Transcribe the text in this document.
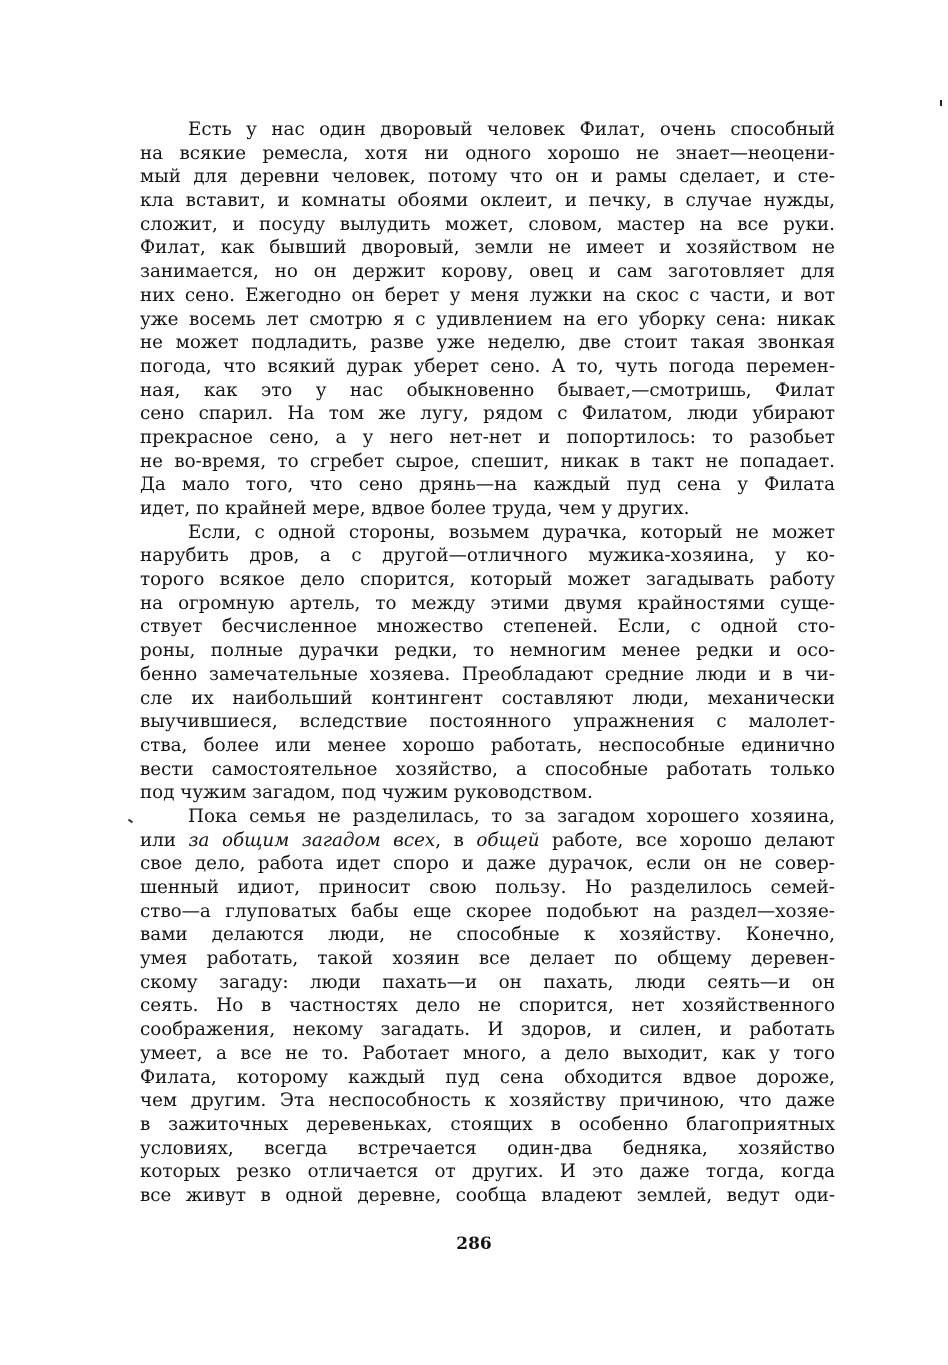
Есть у нас один дворовый человек Филат, очень способный
на всякие ремесла, хотя ни одного хорошо не знает—неоцени-
мый для деревни человек, потому что он и рамы сделает, и сте-
кла вставит, и комнаты обоями оклеит, и печку, в случае нужды,
сложит, и посуду вылудить может, словом, мастер на все руки.
Филат, как бывший дворовый, земли не имеет и хозяйством не
занимается, но он держит корову, овец и сам заготовляет для
них сено. Ежегодно он берет у меня лужки на скос с части, и вот
уже восемь лет смотрю я с удивлением на его уборку сена: никак
не может подладить, разве уже неделю, две стоит такая звонкая
погода, что всякий дурак уберет сено. А то, чуть погода перемен-
ная, как это у нас обыкновенно бывает,—смотришь, Филат
сено спарил. На том же лугу, рядом с Филатом, люди убирают
прекрасное сено, а у него нет-нет и попортилось: то разобьет
не во-время, то сгребет сырое, спешит, никак в такт не попадает.
Да мало того, что сено дрянь—на каждый пуд сена у Филата
идет, по крайней мере, вдвое более труда, чем у других.
Если, с одной стороны, возьмем дурачка, который не может
нарубить дров, а с другой—отличного мужика-хозяина, у ко-
торого всякое дело спорится, который может загадывать работу
на огромную артель, то между этими двумя крайностями суще-
ствует бесчисленное множество степеней. Если, с одной сто-
роны, полные дурачки редки, то немногим менее редки и осо-
бенно замечательные хозяева. Преобладают средние люди и в чи-
сле их наибольший контингент составляют люди, механически
выучившиеся, вследствие постоянного упражнения с малолет-
ства, более или менее хорошо работать, неспособные единично
вести самостоятельное хозяйство, а способные работать только
под чужим загадом, под чужим руководством.
Пока семья не разделилась, то за загадом хорошего хозяина,
или за общим загадом всех, в общей работе, все хорошо делают
свое дело, работа идет споро и даже дурачок, если он не совер-
шенный идиот, приносит свою пользу. Но разделилось семей-
ство—а глуповатых бабы еще скорее подобьют на раздел—хозяе-
вами делаются люди, не способные к хозяйству. Конечно,
умея работать, такой хозяин все делает по общему деревен-
скому загаду: люди пахать—и он пахать, люди сеять—и он
сеять. Но в частностях дело не спорится, нет хозяйственного
соображения, некому загадать. И здоров, и силен, и работать
умеет, а все не то. Работает много, а дело выходит, как у того
Филата, которому каждый пуд сена обходится вдвое дороже,
чем другим. Эта неспособность к хозяйству причиною, что даже
в зажиточных деревеньках, стоящих в особенно благоприятных
условиях, всегда встречается один-два бедняка, хозяйство
которых резко отличается от других. И это даже тогда, когда
все живут в одной деревне, сообща владеют землей, ведут оди-
286
